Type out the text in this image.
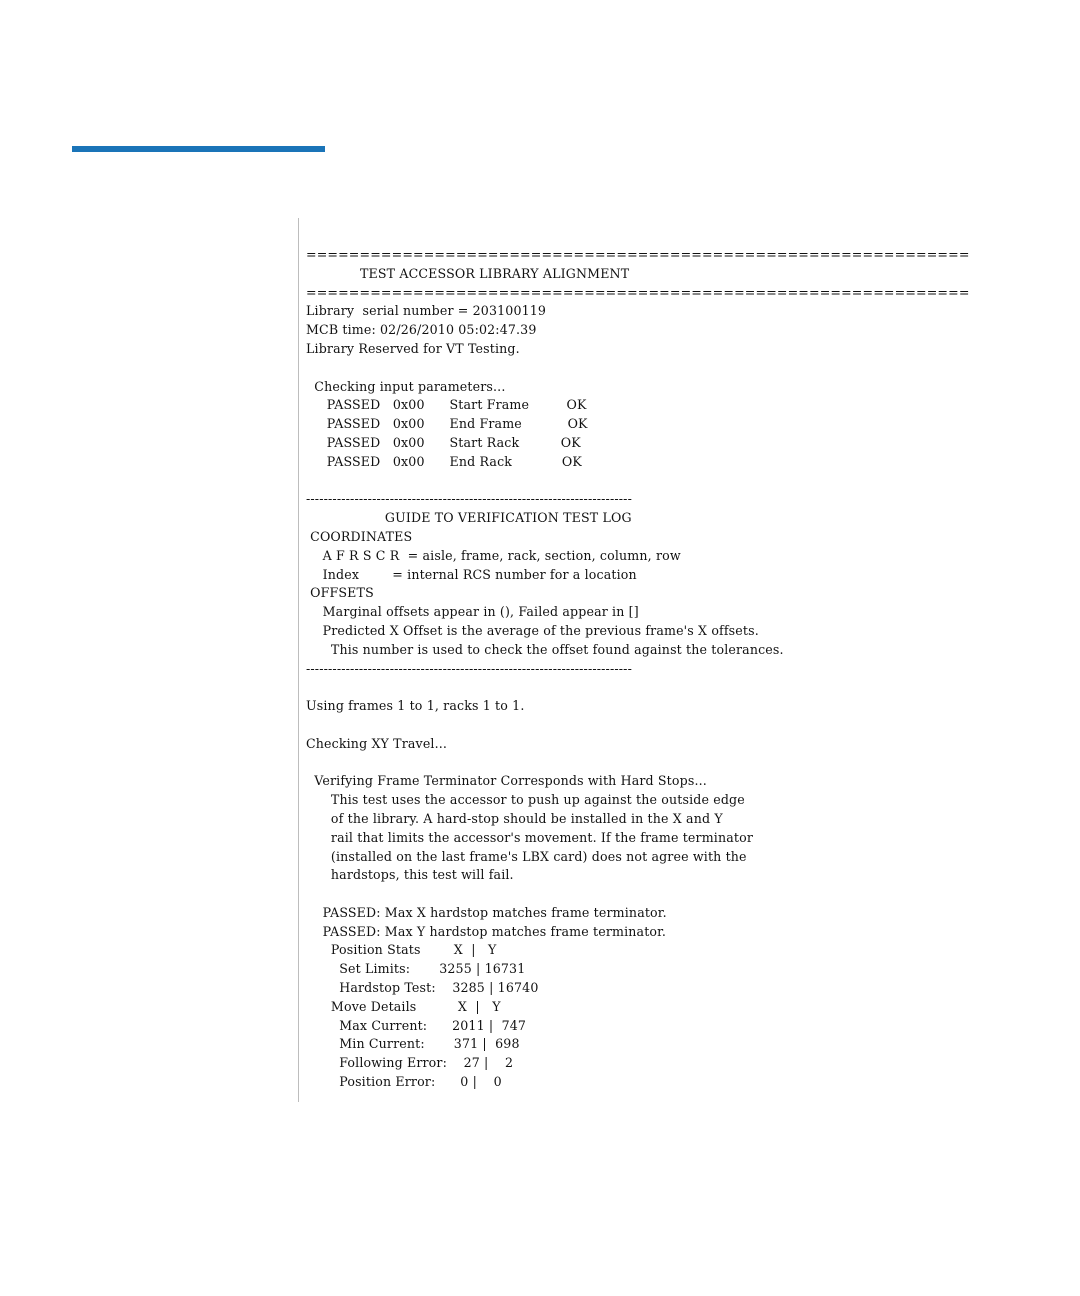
==============================================================
TEST ACCESSOR LIBRARY ALIGNMENT
==============================================================
Library  serial number = 203100119
MCB time: 02/26/2010 05:02:47.39
Library Reserved for VT Testing.
Checking input parameters...
PASSED   0x00      Start Frame         OK
PASSED   0x00      End Frame           OK
PASSED   0x00      Start Rack          OK
PASSED   0x00      End Rack            OK
--------------------------------------------------------------------------
GUIDE TO VERIFICATION TEST LOG
COORDINATES
A F R S C R  = aisle, frame, rack, section, column, row
Index        = internal RCS number for a location
OFFSETS
Marginal offsets appear in (), Failed appear in []
Predicted X Offset is the average of the previous frame's X offsets.
This number is used to check the offset found against the tolerances.
--------------------------------------------------------------------------
Using frames 1 to 1, racks 1 to 1.
Checking XY Travel...
Verifying Frame Terminator Corresponds with Hard Stops...
This test uses the accessor to push up against the outside edge
of the library. A hard-stop should be installed in the X and Y
rail that limits the accessor's movement. If the frame terminator
(installed on the last frame's LBX card) does not agree with the
hardstops, this test will fail.
PASSED: Max X hardstop matches frame terminator.
PASSED: Max Y hardstop matches frame terminator.
Position Stats        X  |   Y
Set Limits:       3255 | 16731
Hardstop Test:    3285 | 16740
Move Details          X  |   Y
Max Current:      2011 |  747
Min Current:       371 |  698
Following Error:    27 |    2
Position Error:      0 |    0
